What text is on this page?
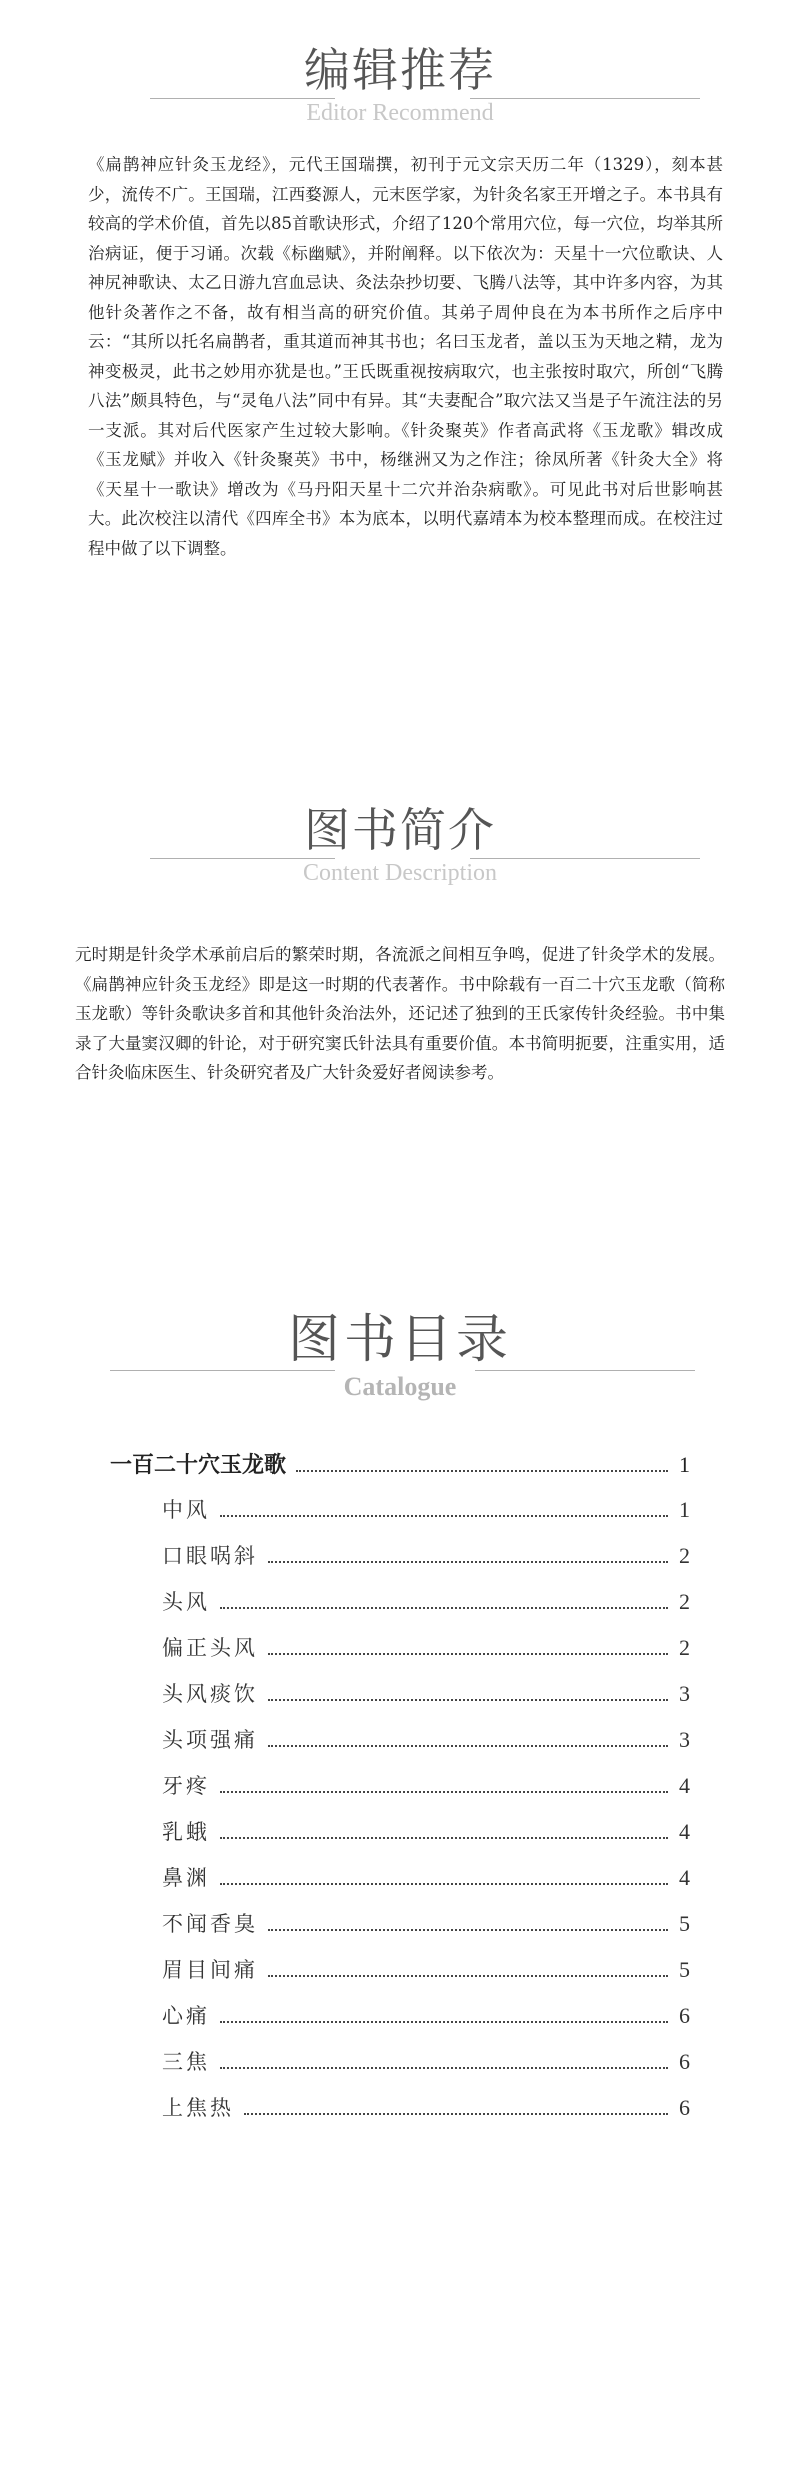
编辑推荐
Editor Recommend
《扁鹊神应针灸玉龙经》，元代王国瑞撰，初刊于元文宗天历二年（1329），刻本甚少，流传不广。王国瑞，江西婺源人，元末医学家，为针灸名家王开增之子。本书具有较高的学术价值，首先以85首歌诀形式，介绍了120个常用穴位，每一穴位，均举其所治病证，便于习诵。次载《标幽赋》，并附阐释。以下依次为：天星十一穴位歌诀、人神尻神歌诀、太乙日游九宫血忌诀、灸法杂抄切要、飞腾八法等，其中许多内容，为其他针灸著作之不备，故有相当高的研究价值。其弟子周仲良在为本书所作之后序中云：“其所以托名扁鹊者，重其道而神其书也；名曰玉龙者，盖以玉为天地之精，龙为神变极灵，此书之妙用亦犹是也。”王氏既重视按病取穴，也主张按时取穴，所创“飞腾八法”颇具特色，与“灵龟八法”同中有异。其“夫妻配合”取穴法又当是子午流注法的另一支派。其对后代医家产生过较大影响。《针灸聚英》作者高武将《玉龙歌》辑改成《玉龙赋》并收入《针灸聚英》书中，杨继洲又为之作注；徐凤所著《针灸大全》将《天星十一歌诀》增改为《马丹阳天星十二穴并治杂病歌》。可见此书对后世影响甚大。此次校注以清代《四库全书》本为底本，以明代嘉靖本为校本整理而成。在校注过程中做了以下调整。
图书简介
Content Description
元时期是针灸学术承前启后的繁荣时期，各流派之间相互争鸣，促进了针灸学术的发展。《扁鹊神应针灸玉龙经》即是这一时期的代表著作。书中除载有一百二十穴玉龙歌（简称玉龙歌）等针灸歌诀多首和其他针灸治法外，还记述了独到的王氏家传针灸经验。书中集录了大量窦汉卿的针论，对于研究窦氏针法具有重要价值。本书简明扼要，注重实用，适合针灸临床医生、针灸研究者及广大针灸爱好者阅读参考。
图书目录
Catalogue
一百二十穴玉龙歌	1
中风	1
口眼㖞斜	2
头风	2
偏正头风	2
头风痰饮	3
头项强痛	3
牙疼	4
乳蛾	4
鼻渊	4
不闻香臭	5
眉目间痛	5
心痛	6
三焦	6
上焦热	6
